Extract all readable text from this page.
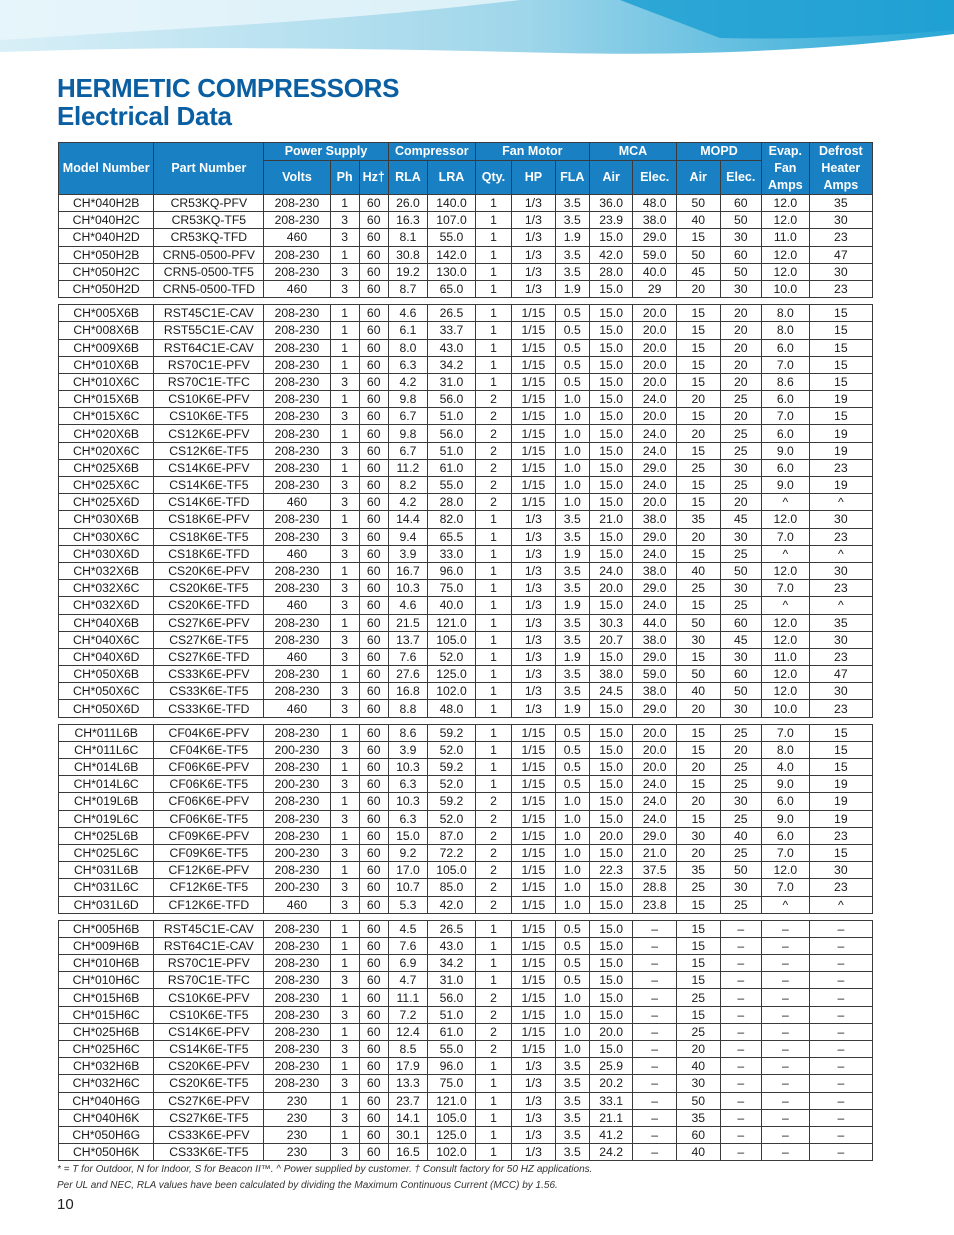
HERMETIC COMPRESSORS
Electrical Data
Model Number	Part Number	Power Supply			Compressor		Fan Motor			MCA		MOPD		Evap. Fan Amps	Defrost Heater Amps
		Volts	Ph	Hz†	RLA	LRA	Qty.	HP	FLA	Air	Elec.	Air	Elec.		
CH*040H2B	CR53KQ-PFV	208-230	1	60	26.0	140.0	1	1/3	3.5	36.0	48.0	50	60	12.0	35
CH*040H2C	CR53KQ-TF5	208-230	3	60	16.3	107.0	1	1/3	3.5	23.9	38.0	40	50	12.0	30
CH*040H2D	CR53KQ-TFD	460	3	60	8.1	55.0	1	1/3	1.9	15.0	29.0	15	30	11.0	23
CH*050H2B	CRN5-0500-PFV	208-230	1	60	30.8	142.0	1	1/3	3.5	42.0	59.0	50	60	12.0	47
CH*050H2C	CRN5-0500-TF5	208-230	3	60	19.2	130.0	1	1/3	3.5	28.0	40.0	45	50	12.0	30
CH*050H2D	CRN5-0500-TFD	460	3	60	8.7	65.0	1	1/3	1.9	15.0	29	20	30	10.0	23

CH*005X6B	RST45C1E-CAV	208-230	1	60	4.6	26.5	1	1/15	0.5	15.0	20.0	15	20	8.0	15
CH*008X6B	RST55C1E-CAV	208-230	1	60	6.1	33.7	1	1/15	0.5	15.0	20.0	15	20	8.0	15
CH*009X6B	RST64C1E-CAV	208-230	1	60	8.0	43.0	1	1/15	0.5	15.0	20.0	15	20	6.0	15
CH*010X6B	RS70C1E-PFV	208-230	1	60	6.3	34.2	1	1/15	0.5	15.0	20.0	15	20	7.0	15
CH*010X6C	RS70C1E-TFC	208-230	3	60	4.2	31.0	1	1/15	0.5	15.0	20.0	15	20	8.6	15
CH*015X6B	CS10K6E-PFV	208-230	1	60	9.8	56.0	2	1/15	1.0	15.0	24.0	20	25	6.0	19
CH*015X6C	CS10K6E-TF5	208-230	3	60	6.7	51.0	2	1/15	1.0	15.0	20.0	15	20	7.0	15
CH*020X6B	CS12K6E-PFV	208-230	1	60	9.8	56.0	2	1/15	1.0	15.0	24.0	20	25	6.0	19
CH*020X6C	CS12K6E-TF5	208-230	3	60	6.7	51.0	2	1/15	1.0	15.0	24.0	15	25	9.0	19
CH*025X6B	CS14K6E-PFV	208-230	1	60	11.2	61.0	2	1/15	1.0	15.0	29.0	25	30	6.0	23
CH*025X6C	CS14K6E-TF5	208-230	3	60	8.2	55.0	2	1/15	1.0	15.0	24.0	15	25	9.0	19
CH*025X6D	CS14K6E-TFD	460	3	60	4.2	28.0	2	1/15	1.0	15.0	20.0	15	20	^	^
CH*030X6B	CS18K6E-PFV	208-230	1	60	14.4	82.0	1	1/3	3.5	21.0	38.0	35	45	12.0	30
CH*030X6C	CS18K6E-TF5	208-230	3	60	9.4	65.5	1	1/3	3.5	15.0	29.0	20	30	7.0	23
CH*030X6D	CS18K6E-TFD	460	3	60	3.9	33.0	1	1/3	1.9	15.0	24.0	15	25	^	^
CH*032X6B	CS20K6E-PFV	208-230	1	60	16.7	96.0	1	1/3	3.5	24.0	38.0	40	50	12.0	30
CH*032X6C	CS20K6E-TF5	208-230	3	60	10.3	75.0	1	1/3	3.5	20.0	29.0	25	30	7.0	23
CH*032X6D	CS20K6E-TFD	460	3	60	4.6	40.0	1	1/3	1.9	15.0	24.0	15	25	^	^
CH*040X6B	CS27K6E-PFV	208-230	1	60	21.5	121.0	1	1/3	3.5	30.3	44.0	50	60	12.0	35
CH*040X6C	CS27K6E-TF5	208-230	3	60	13.7	105.0	1	1/3	3.5	20.7	38.0	30	45	12.0	30
CH*040X6D	CS27K6E-TFD	460	3	60	7.6	52.0	1	1/3	1.9	15.0	29.0	15	30	11.0	23
CH*050X6B	CS33K6E-PFV	208-230	1	60	27.6	125.0	1	1/3	3.5	38.0	59.0	50	60	12.0	47
CH*050X6C	CS33K6E-TF5	208-230	3	60	16.8	102.0	1	1/3	3.5	24.5	38.0	40	50	12.0	30
CH*050X6D	CS33K6E-TFD	460	3	60	8.8	48.0	1	1/3	1.9	15.0	29.0	20	30	10.0	23

CH*011L6B	CF04K6E-PFV	208-230	1	60	8.6	59.2	1	1/15	0.5	15.0	20.0	15	25	7.0	15
CH*011L6C	CF04K6E-TF5	200-230	3	60	3.9	52.0	1	1/15	0.5	15.0	20.0	15	20	8.0	15
CH*014L6B	CF06K6E-PFV	208-230	1	60	10.3	59.2	1	1/15	0.5	15.0	20.0	20	25	4.0	15
CH*014L6C	CF06K6E-TF5	200-230	3	60	6.3	52.0	1	1/15	0.5	15.0	24.0	15	25	9.0	19
CH*019L6B	CF06K6E-PFV	208-230	1	60	10.3	59.2	2	1/15	1.0	15.0	24.0	20	30	6.0	19
CH*019L6C	CF06K6E-TF5	208-230	3	60	6.3	52.0	2	1/15	1.0	15.0	24.0	15	25	9.0	19
CH*025L6B	CF09K6E-PFV	208-230	1	60	15.0	87.0	2	1/15	1.0	20.0	29.0	30	40	6.0	23
CH*025L6C	CF09K6E-TF5	200-230	3	60	9.2	72.2	2	1/15	1.0	15.0	21.0	20	25	7.0	15
CH*031L6B	CF12K6E-PFV	208-230	1	60	17.0	105.0	2	1/15	1.0	22.3	37.5	35	50	12.0	30
CH*031L6C	CF12K6E-TF5	200-230	3	60	10.7	85.0	2	1/15	1.0	15.0	28.8	25	30	7.0	23
CH*031L6D	CF12K6E-TFD	460	3	60	5.3	42.0	2	1/15	1.0	15.0	23.8	15	25	^	^

CH*005H6B	RST45C1E-CAV	208-230	1	60	4.5	26.5	1	1/15	0.5	15.0	–	15	–	–	–
CH*009H6B	RST64C1E-CAV	208-230	1	60	7.6	43.0	1	1/15	0.5	15.0	–	15	–	–	–
CH*010H6B	RS70C1E-PFV	208-230	1	60	6.9	34.2	1	1/15	0.5	15.0	–	15	–	–	–
CH*010H6C	RS70C1E-TFC	208-230	3	60	4.7	31.0	1	1/15	0.5	15.0	–	15	–	–	–
CH*015H6B	CS10K6E-PFV	208-230	1	60	11.1	56.0	2	1/15	1.0	15.0	–	25	–	–	–
CH*015H6C	CS10K6E-TF5	208-230	3	60	7.2	51.0	2	1/15	1.0	15.0	–	15	–	–	–
CH*025H6B	CS14K6E-PFV	208-230	1	60	12.4	61.0	2	1/15	1.0	20.0	–	25	–	–	–
CH*025H6C	CS14K6E-TF5	208-230	3	60	8.5	55.0	2	1/15	1.0	15.0	–	20	–	–	–
CH*032H6B	CS20K6E-PFV	208-230	1	60	17.9	96.0	1	1/3	3.5	25.9	–	40	–	–	–
CH*032H6C	CS20K6E-TF5	208-230	3	60	13.3	75.0	1	1/3	3.5	20.2	–	30	–	–	–
CH*040H6G	CS27K6E-PFV	230	1	60	23.7	121.0	1	1/3	3.5	33.1	–	50	–	–	–
CH*040H6K	CS27K6E-TF5	230	3	60	14.1	105.0	1	1/3	3.5	21.1	–	35	–	–	–
CH*050H6G	CS33K6E-PFV	230	1	60	30.1	125.0	1	1/3	3.5	41.2	–	60	–	–	–
CH*050H6K	CS33K6E-TF5	230	3	60	16.5	102.0	1	1/3	3.5	24.2	–	40	–	–	–
* = T for Outdoor, N for Indoor, S for Beacon II™. ^ Power supplied by customer. † Consult factory for 50 HZ applications.
Per UL and NEC, RLA values have been calculated by dividing the Maximum Continuous Current (MCC) by 1.56.
10
